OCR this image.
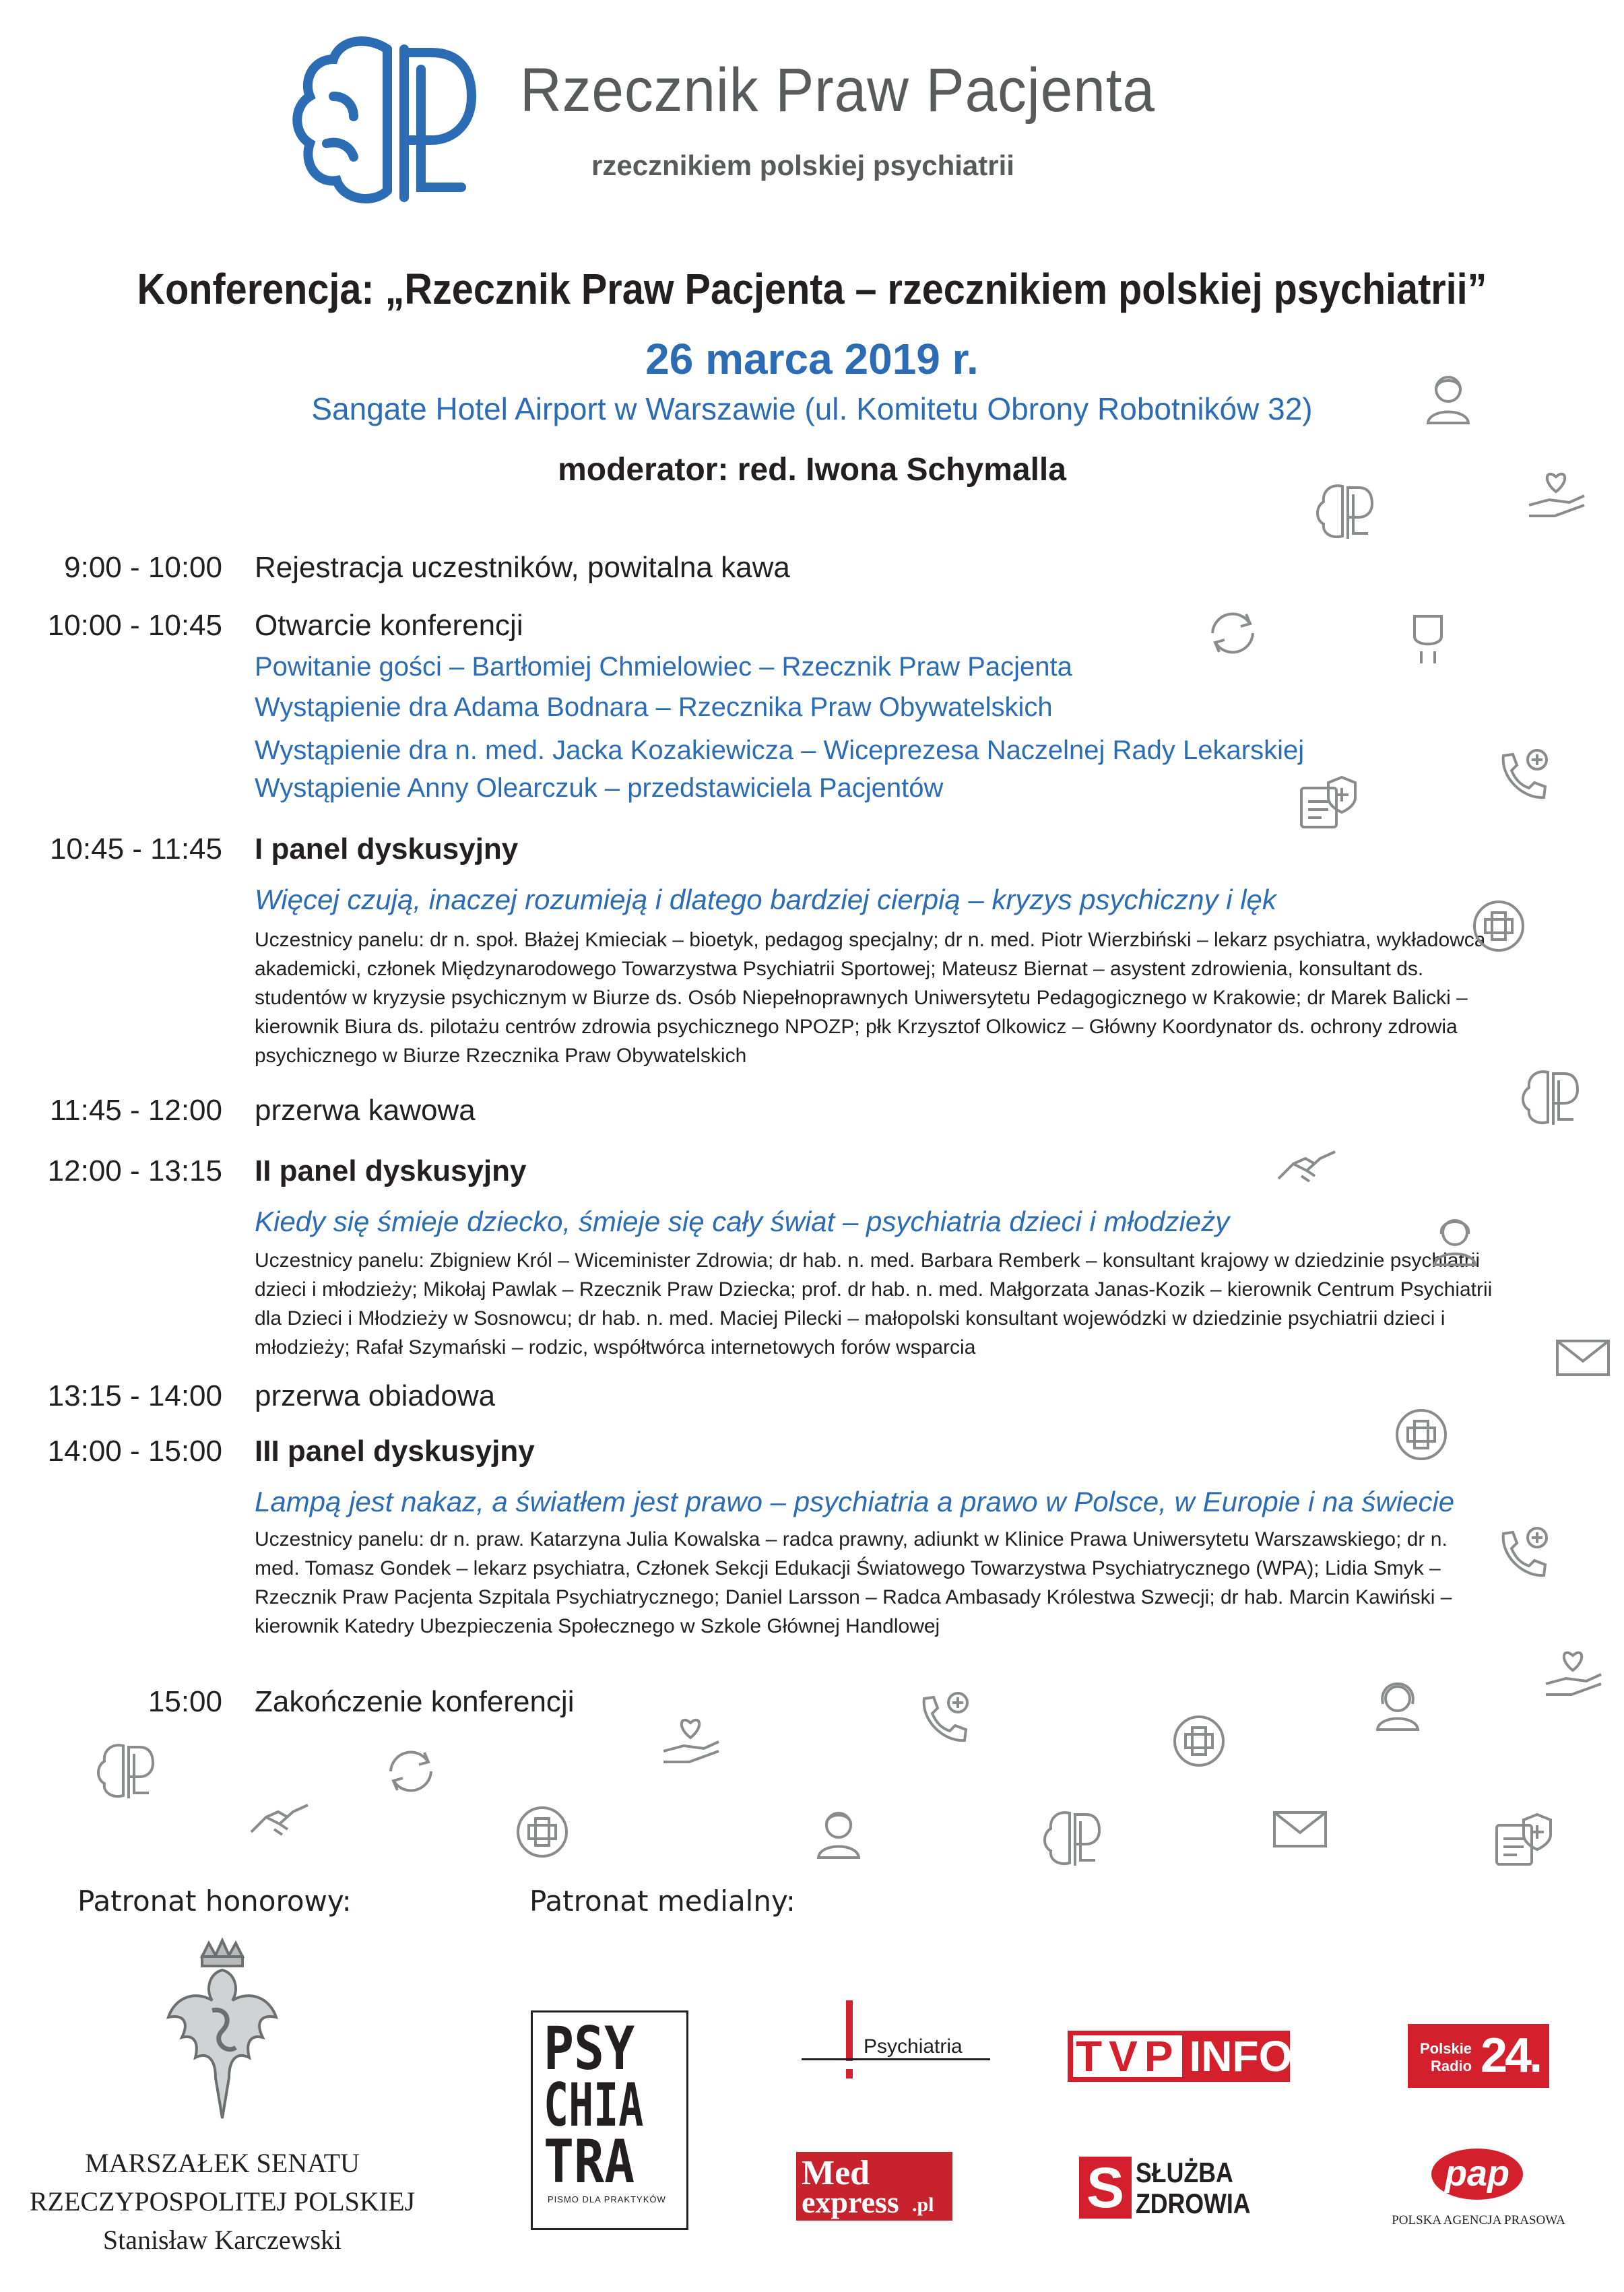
Rzecznik Praw Pacjenta
rzecznikiem polskiej psychiatrii
Konferencja: „Rzecznik Praw Pacjenta – rzecznikiem polskiej psychiatrii”
26 marca 2019 r.
Sangate Hotel Airport w Warszawie (ul. Komitetu Obrony Robotników 32)
moderator: red. Iwona Schymalla
9:00 - 10:00 Rejestracja uczestników, powitalna kawa
10:00 - 10:45 Otwarcie konferencji
Powitanie gości – Bartłomiej Chmielowiec – Rzecznik Praw Pacjenta
Wystąpienie dra Adama Bodnara – Rzecznika Praw Obywatelskich
Wystąpienie dra n. med. Jacka Kozakiewicza – Wiceprezesa Naczelnej Rady Lekarskiej
Wystąpienie Anny Olearczuk – przedstawiciela Pacjentów
10:45 - 11:45 I panel dyskusyjny
Więcej czują, inaczej rozumieją i dlatego bardziej cierpią – kryzys psychiczny i lęk
Uczestnicy panelu: dr n. społ. Błażej Kmieciak – bioetyk, pedagog specjalny; dr n. med. Piotr Wierzbiński – lekarz psychiatra, wykładowca akademicki, członek Międzynarodowego Towarzystwa Psychiatrii Sportowej; Mateusz Biernat – asystent zdrowienia, konsultant ds. studentów w kryzysie psychicznym w Biurze ds. Osób Niepełnoprawnych Uniwersytetu Pedagogicznego w Krakowie; dr Marek Balicki – kierownik Biura ds. pilotażu centrów zdrowia psychicznego NPOZP; płk Krzysztof Olkowicz – Główny Koordynator ds. ochrony zdrowia psychicznego w Biurze Rzecznika Praw Obywatelskich
11:45 - 12:00 przerwa kawowa
12:00 - 13:15 II panel dyskusyjny
Kiedy się śmieje dziecko, śmieje się cały świat – psychiatria dzieci i młodzieży
Uczestnicy panelu: Zbigniew Król – Wiceminister Zdrowia; dr hab. n. med. Barbara Remberk – konsultant krajowy w dziedzinie psychiatrii dzieci i młodzieży; Mikołaj Pawlak – Rzecznik Praw Dziecka; prof. dr hab. n. med. Małgorzata Janas-Kozik – kierownik Centrum Psychiatrii dla Dzieci i Młodzieży w Sosnowcu; dr hab. n. med. Maciej Pilecki – małopolski konsultant wojewódzki w dziedzinie psychiatrii dzieci i młodzieży; Rafał Szymański – rodzic, współtwórca internetowych forów wsparcia
13:15 - 14:00 przerwa obiadowa
14:00 - 15:00 III panel dyskusyjny
Lampą jest nakaz, a światłem jest prawo – psychiatria a prawo w Polsce, w Europie i na świecie
Uczestnicy panelu: dr n. praw. Katarzyna Julia Kowalska – radca prawny, adiunkt w Klinice Prawa Uniwersytetu Warszawskiego; dr n. med. Tomasz Gondek – lekarz psychiatra, Członek Sekcji Edukacji Światowego Towarzystwa Psychiatrycznego (WPA); Lidia Smyk – Rzecznik Praw Pacjenta Szpitala Psychiatrycznego; Daniel Larsson – Radca Ambasady Królestwa Szwecji; dr hab. Marcin Kawiński – kierownik Katedry Ubezpieczenia Społecznego w Szkole Głównej Handlowej
15:00 Zakończenie konferencji
Patronat honorowy:	Patronat medialny:
MARSZAŁEK SENATU
RZECZYPOSPOLITEJ POLSKIEJ
Stanisław Karczewski
PSY
CHIA
TRA
PISMO DLA PRAKTYKÓW
Psychiatria	TVP INFO	Polskie
Radio 24.
Med
express .pl	S SŁUŻBA
ZDROWIA
pap
POLSKA AGENCJA PRASOWA
